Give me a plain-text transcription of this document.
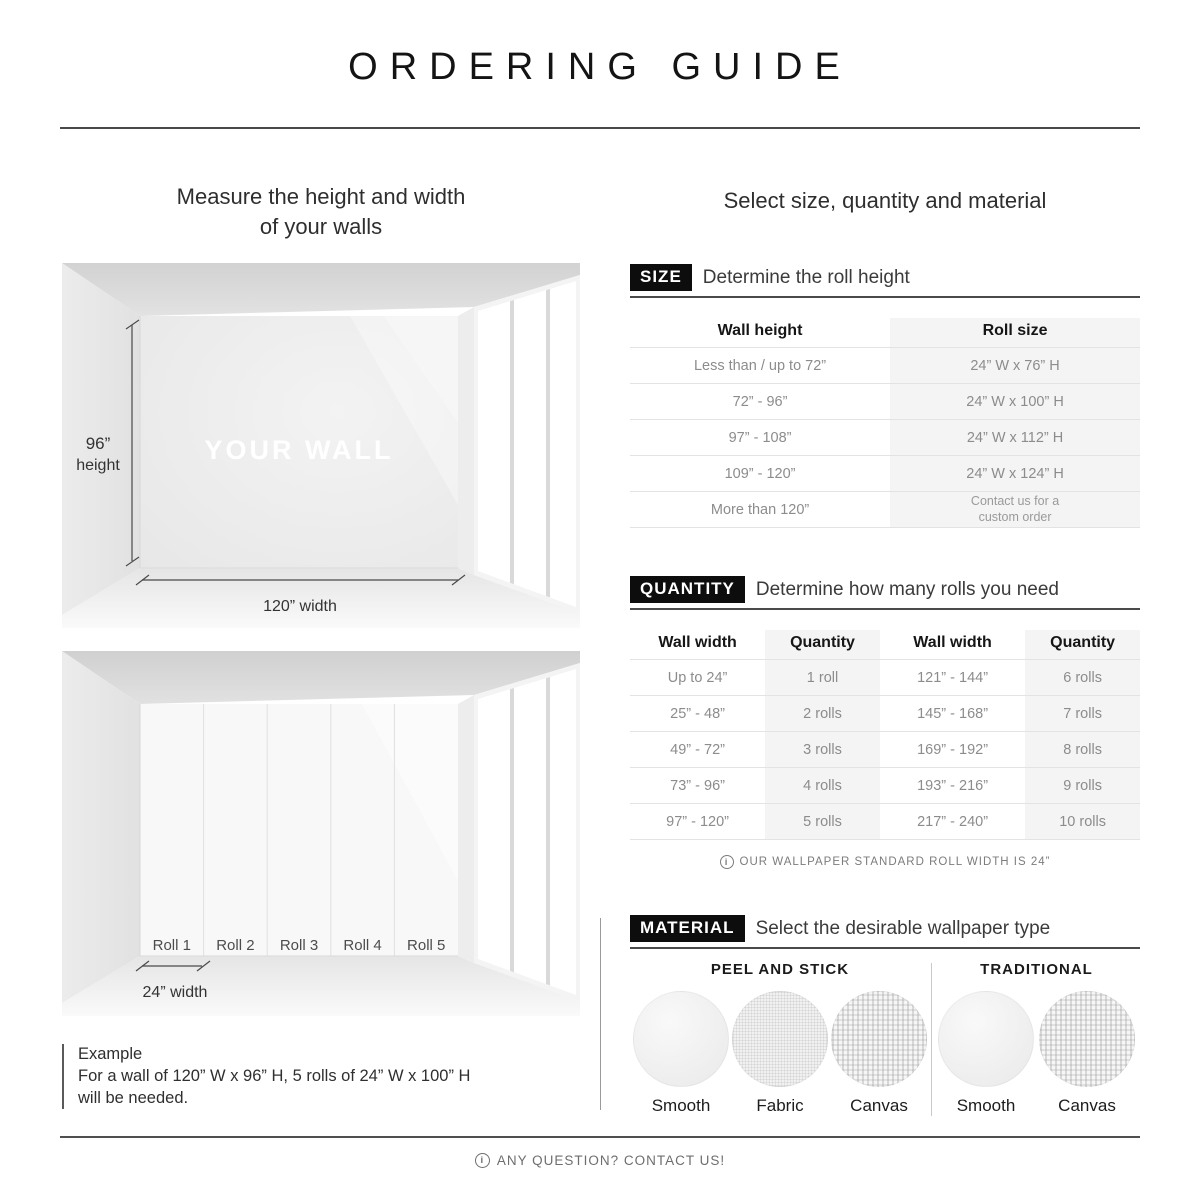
ORDERING GUIDE
Measure the height and width
of your walls
Select size, quantity and material
96”
height
120” width
YOUR WALL
Roll 1 Roll 2 Roll 3 Roll 4 Roll 5
24” width
Example
For a wall of 120” W x 96” H, 5 rolls of 24” W x 100” H
will be needed.
SIZE	Determine the roll height
Wall height	Roll size
Less than / up to 72”	24” W x 76” H
72” - 96”	24” W x 100” H
97” - 108”	24” W x 112” H
109” - 120”	24” W x 124” H
More than 120”	Contact us for a custom order
QUANTITY	Determine how many rolls you need
Wall width	Quantity	Wall width	Quantity
Up to 24”	1 roll	121” - 144”	6 rolls
25” - 48”	2 rolls	145” - 168”	7 rolls
49” - 72”	3 rolls	169” - 192”	8 rolls
73” - 96”	4 rolls	193” - 216”	9 rolls
97” - 120”	5 rolls	217” - 240”	10 rolls
i OUR WALLPAPER STANDARD ROLL WIDTH IS 24”
MATERIAL	Select the desirable wallpaper type
PEEL AND STICK
Smooth	Fabric	Canvas
TRADITIONAL
Smooth	Canvas
i ANY QUESTION? CONTACT US!
